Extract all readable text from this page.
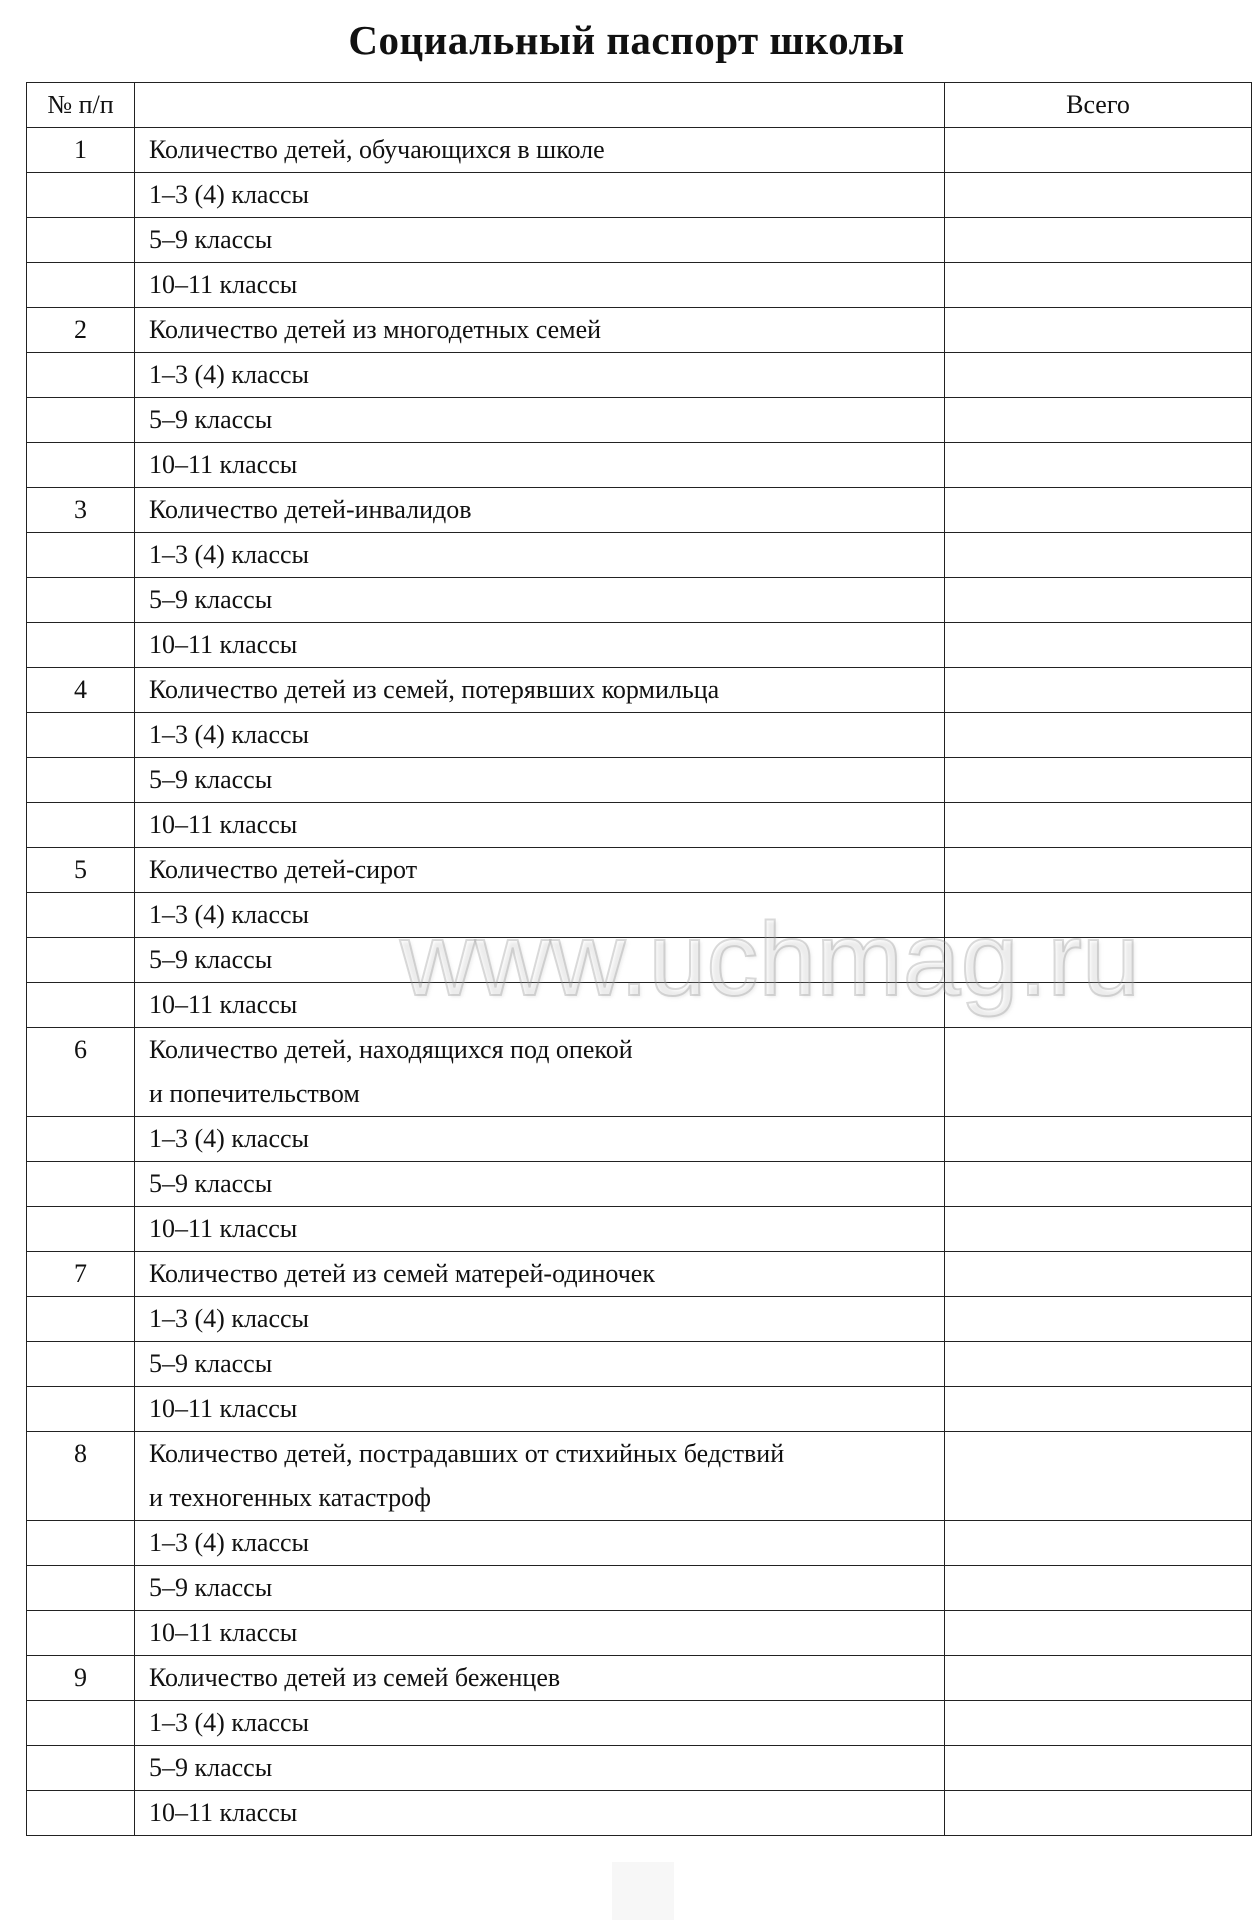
Социальный паспорт школы
№ п/п		Всего
1	Количество детей, обучающихся в школе	

	1–3 (4) классы	
	5–9 классы	
	10–11 классы	
2	Количество детей из многодетных семей	

	1–3 (4) классы	
	5–9 классы	
	10–11 классы	
3	Количество детей-инвалидов	

	1–3 (4) классы	
	5–9 классы	
	10–11 классы	
4	Количество детей из семей, потерявших кормильца	

	1–3 (4) классы	
	5–9 классы	
	10–11 классы	
5	Количество детей-сирот	

	1–3 (4) классы	
	5–9 классы	
	10–11 классы	
6	Количество детей, находящихся под опекой
и попечительством	

	1–3 (4) классы	
	5–9 классы	
	10–11 классы	
7	Количество детей из семей матерей-одиночек	

	1–3 (4) классы	
	5–9 классы	
	10–11 классы	
8	Количество детей, пострадавших от стихийных бедствий
и техногенных катастроф	

	1–3 (4) классы	
	5–9 классы	
	10–11 классы	
9	Количество детей из семей беженцев	

	1–3 (4) классы	
	5–9 классы	
	10–11 классы	
www.uchmag.ru
